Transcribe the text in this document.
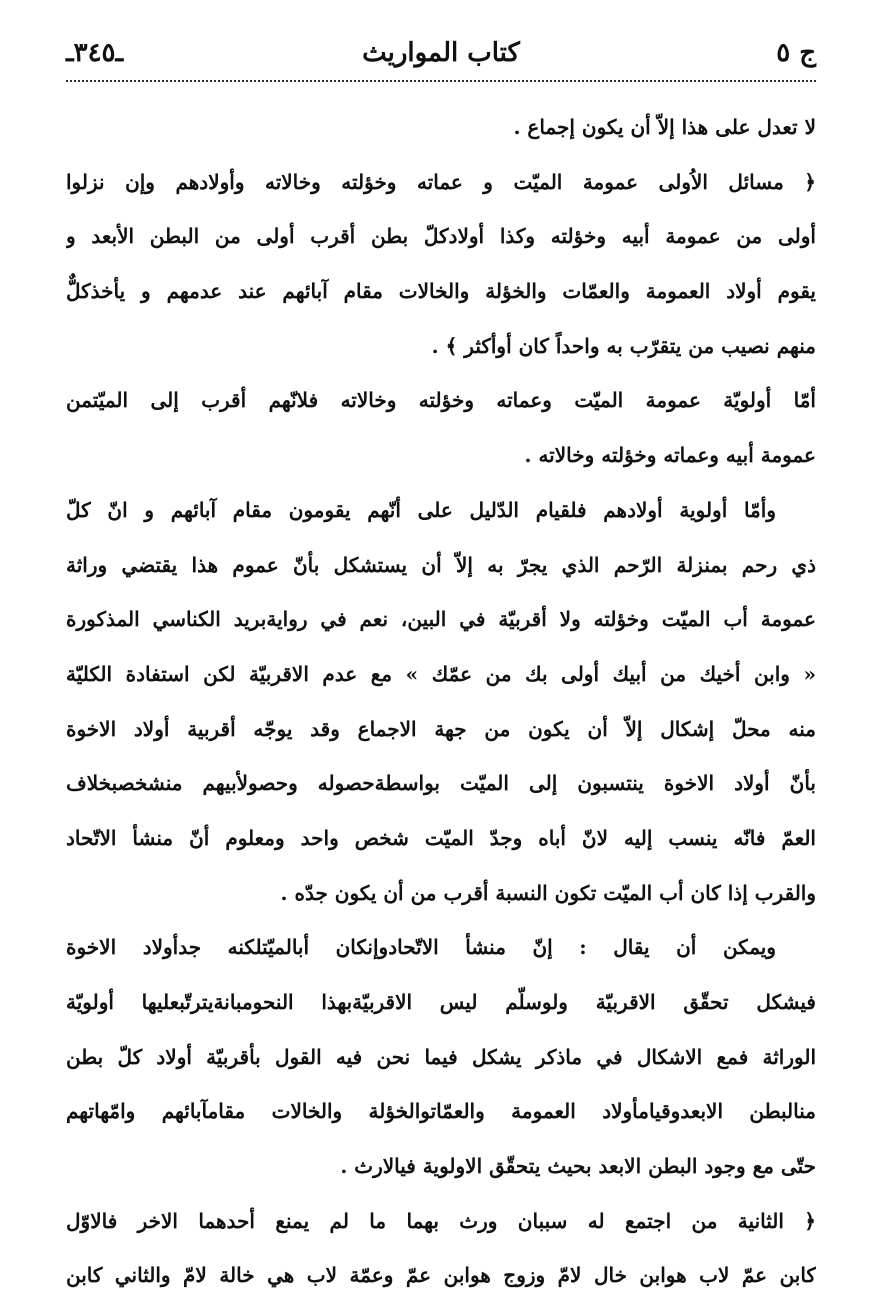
ج ٥
كتاب المواريث
ـ٣٤٥ـ
لا تعدل على هذا إلاّ أن يكون إجماع .
﴿ مسائل الاُولى عمومة الميّت و عماته وخؤلته وخالاته وأولادهم وإن نزلوا
أولى من عمومة أبيه وخؤلته وكذا أولادكلّ بطن أقرب أولى من البطن الأبعد و
يقوم أولاد العمومة والعمّات والخؤلة والخالات مقام آبائهم عند عدمهم و يأخذكلٌّ
منهم نصيب من يتقرّب به واحداً كان أوأكثر ﴾ .
أمّا أولويّة عمومة الميّت وعماته وخؤلته وخالاته فلانّهم أقرب إلى الميّتمن
عمومة أبيه وعماته وخؤلته وخالاته .
وأمّا أولوية أولادهم فلقيام الدّليل على أنّهم يقومون مقام آبائهم و انّ كلّ
ذي رحم بمنزلة الرّحم الذي يجرّ به إلاّ أن يستشكل بأنّ عموم هذا يقتضي وراثة
عمومة أب الميّت وخؤلته ولا أقربيّة في البين، نعم في روايةبريد الكناسي المذكورة
« وابن أخيك من أبيك أولى بك من عمّك » مع عدم الاقربيّة لكن استفادة الكليّة
منه محلّ إشكال إلاّ أن يكون من جهة الاجماع وقد يوجّه أقربية أولاد الاخوة
بأنّ أولاد الاخوة ينتسبون إلى الميّت بواسطةحصوله وحصولأبيهم منشخصبخلاف
العمّ فانّه ينسب إليه لانّ أباه وجدّ الميّت شخص واحد ومعلوم أنّ منشأ الاتّحاد
والقرب إذا كان أب الميّت تكون النسبة أقرب من أن يكون جدّه .
ويمكن أن يقال : إنّ منشأ الاتّحادوإنكان أبالميّتلكنه جدأولاد الاخوة
فيشكل تحقّق الاقربيّة ولوسلّم ليس الاقربيّةبهذا النحومبانةيترتّبعليها أولويّة
الوراثة فمع الاشكال في ماذكر يشكل فيما نحن فيه القول بأقربيّة أولاد كلّ بطن
منالبطن الابعدوقيامأولاد العمومة والعمّاتوالخؤلة والخالات مقامآبائهم وامّهاتهم
حتّى مع وجود البطن الابعد بحيث يتحقّق الاولوية فيالارث .
﴿ الثانية من اجتمع له سببان ورث بهما ما لم يمنع أحدهما الاخر فالاوّل
كابن عمّ لاب هوابن خال لامّ وزوج هوابن عمّ وعمّة لاب هي خالة لامّ والثاني كابن
